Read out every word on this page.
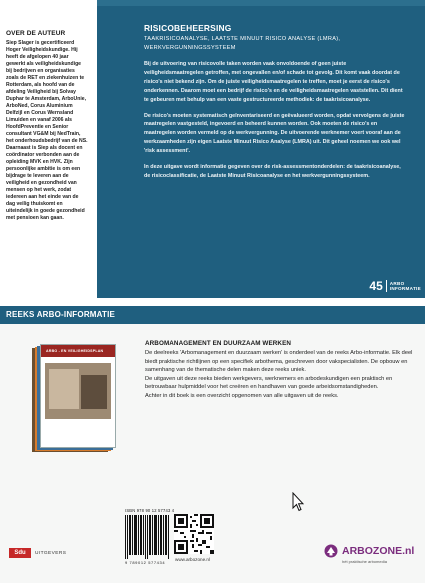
OVER DE AUTEUR

Siep Slager is gecertificeerd Hoger Veiligheidskundige. Hij heeft de afgelopen 40 jaar gewerkt als veiligheidskundige bij bedrijven en organisaties zoals de RET en ziekenhuizen te Rotterdam, als hoofd van de afdeling Veiligheid bij Solvay Duphar te Amsterdam, ArboUnie, ArboNed, Corus Aluminium Delfzijl en Corus Wernsland Limuiden en vanaf 2006 als HoofdPreventie en Senior consultant VG&M bij NedTrain, het onderhoudsbedrijf van de NS. Daarnaast is Siep als docent en coördinator verbonden aan de opleiding MVK en HVK. Zijn persoonlijke ambitie is om een bijdrage te leveren aan de veiligheid en gezondheid van mensen op het werk, zodat iedereen aan het einde van de dag veilig thuiskomt en uiteindelijk in goede gezondheid met pensioen kan gaan.

RISICOBEHEERSING

TAAKRISICOANALYSE, LAATSTE MINUUT RISICO ANALYSE (LMRA), WERKVERGUNNINGSSYSTEEM

Bij de uitvoering van risicovolle taken worden vaak onvoldoende of geen juiste veiligheidsmaatregelen getroffen, met ongevallen en/of schade tot gevolg. Dit komt vaak doordat de risico's niet bekend zijn. Om de juiste veiligheidsmaatregelen te treffen, moet je eerst de risico's onderkennen. Daarom moet een bedrijf de risico's en de veiligheidsmaatregelen vaststellen. Dit dient te gebeuren met behulp van een vaste gestructureerde methodiek: de taakrisicoanalyse.

De risico's moeten systematisch geïnventariseerd en geëvalueerd worden, opdat vervolgens de juiste maatregelen vastgesteld, ingevoerd en beheerd kunnen worden. Ook moeten de risico's en maatregelen worden vermeld op de werkvergunning. De uitvoerende werknemer voert vooraf aan de werkzaamheden zijn eigen Laatste Minuut Risico Analyse (LMRA) uit. Dit geheel noemen we ook wel 'risk assessment'.

In deze uitgave wordt informatie gegeven over de risk-assessmentonderdelen: de taakrisicoanalyse, de risicoclassificatie, de Laatste Minuut Risicoanalyse en het werkvergunningssysteem.

45 ARBO
INFORMATIE
REEKS ARBO-INFORMATIE
ARBO - EN VEILIGHEIDSPLAN

ARBOMANAGEMENT EN DUURZAAM WERKEN

De deelreeks 'Arbomanagement en duurzaam werken' is onderdeel van de reeks Arbo-informatie. Elk deel biedt praktische richtlijnen op een specifiek arbothema, geschreven door vakspecialisten. De opbouw en samenhang van de thematische delen maken deze reeks uniek.

De uitgaven uit deze reeks bieden werkgevers, werknemers en arbodeskundigen een praktisch en betrouwbaar hulpmiddel voor het creëren en handhaven van goede arbeidsomstandigheden.

Achter in dit boek is een overzicht opgenomen van alle uitgaven uit de reeks.

ISBN 978 90 12 57743 4
9 789012 577434
www.arbozone.nl
Sdu	UITGEVERS	ARBOZONE.nl
hèt praktische arbomedia
